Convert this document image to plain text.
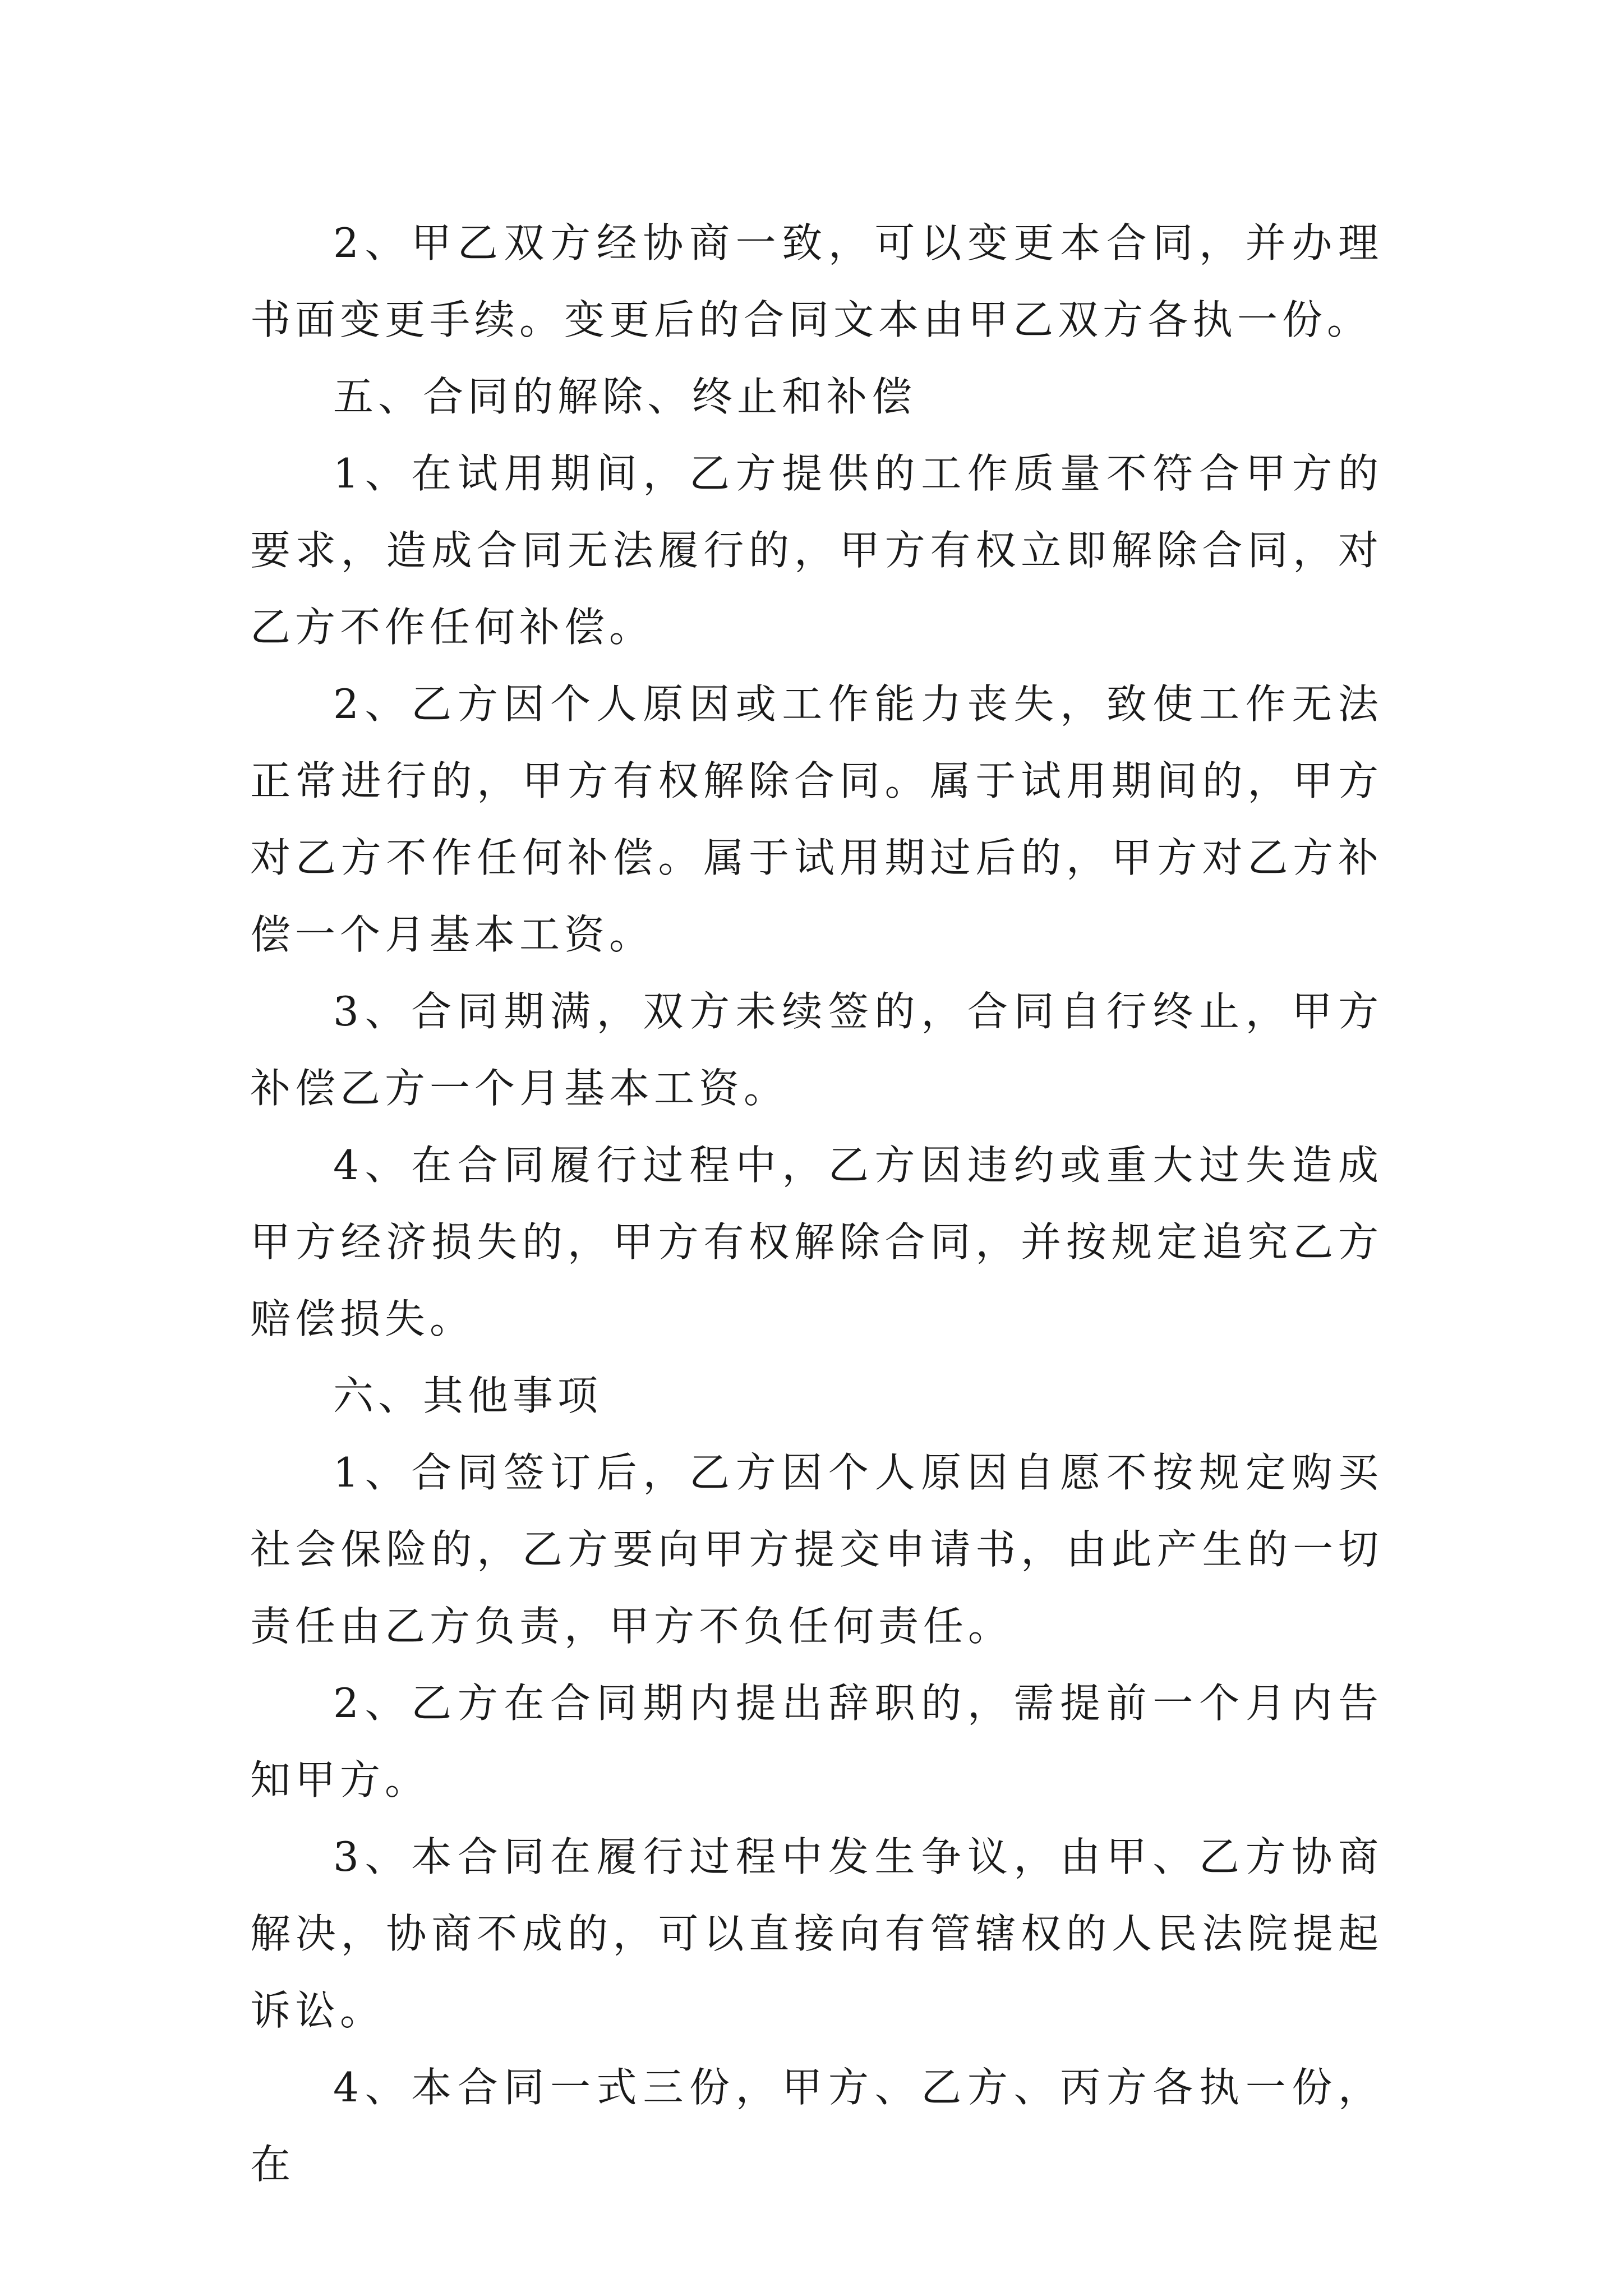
2、甲乙双方经协商一致，可以变更本合同，并办理书面变更手续。变更后的合同文本由甲乙双方各执一份。

五、合同的解除、终止和补偿

1、在试用期间，乙方提供的工作质量不符合甲方的要求，造成合同无法履行的，甲方有权立即解除合同，对乙方不作任何补偿。

2、乙方因个人原因或工作能力丧失，致使工作无法正常进行的，甲方有权解除合同。属于试用期间的，甲方对乙方不作任何补偿。属于试用期过后的，甲方对乙方补偿一个月基本工资。

3、合同期满，双方未续签的，合同自行终止，甲方补偿乙方一个月基本工资。

4、在合同履行过程中，乙方因违约或重大过失造成甲方经济损失的，甲方有权解除合同，并按规定追究乙方赔偿损失。

六、其他事项

1、合同签订后，乙方因个人原因自愿不按规定购买社会保险的，乙方要向甲方提交申请书，由此产生的一切责任由乙方负责，甲方不负任何责任。

2、乙方在合同期内提出辞职的，需提前一个月内告知甲方。

3、本合同在履行过程中发生争议，由甲、乙方协商解决，协商不成的，可以直接向有管辖权的人民法院提起诉讼。

4、本合同一式三份，甲方、乙方、丙方各执一份，在
